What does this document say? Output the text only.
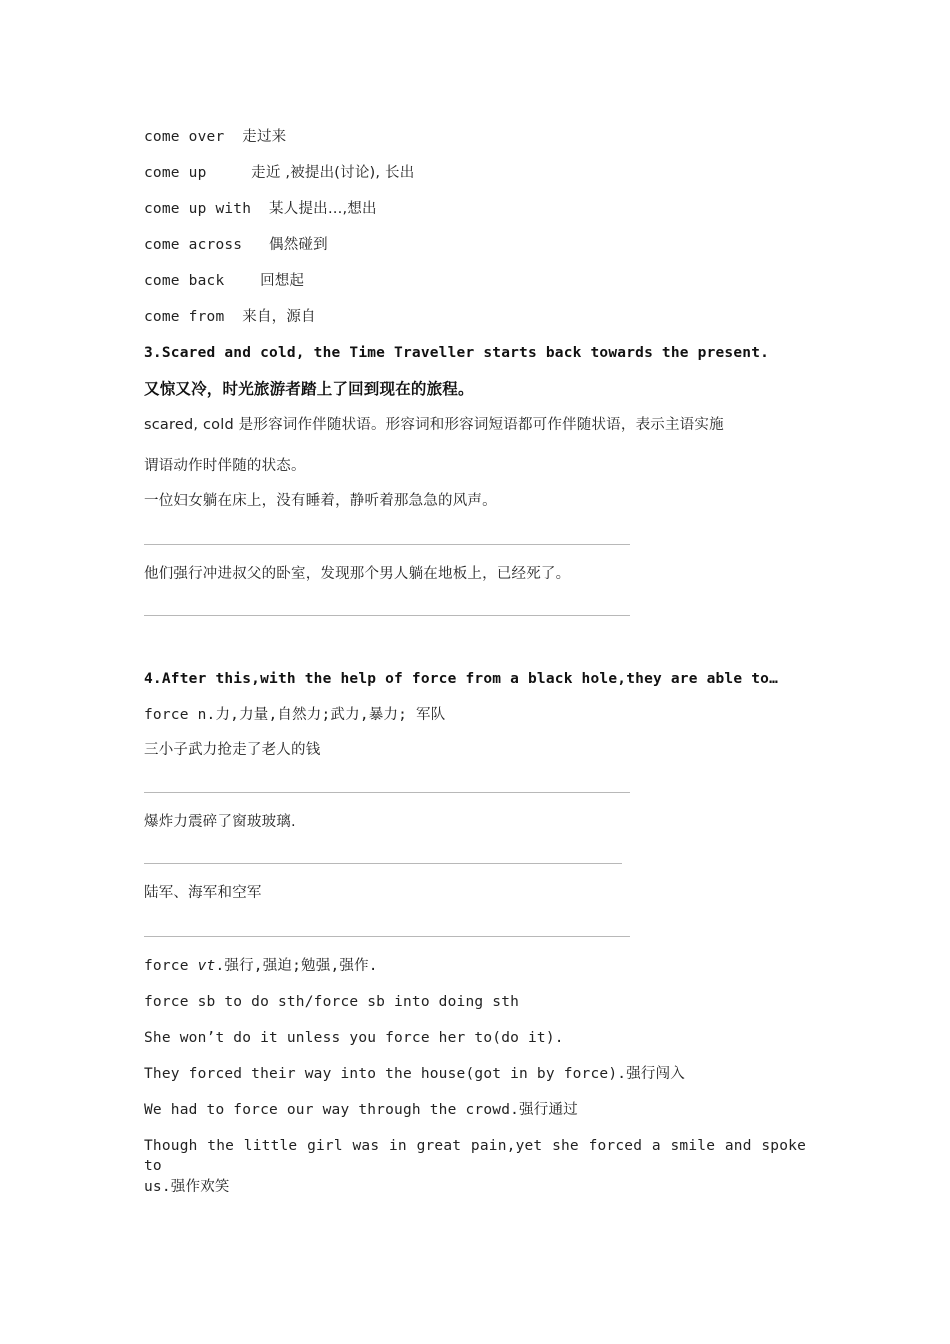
come over 走过来
come up	走近 ,被提出(讨论), 长出
come up with 某人提出…,想出
come across 偶然碰到
come back 回想起
come from 来自，源自
3.Scared and cold, the Time Traveller starts back towards the present.
又惊又冷，时光旅游者踏上了回到现在的旅程。
scared, cold 是形容词作伴随状语。形容词和形容词短语都可作伴随状语，表示主语实施
谓语动作时伴随的状态。
一位妇女躺在床上，没有睡着，静听着那急急的风声。
他们强行冲进叔父的卧室，发现那个男人躺在地板上，已经死了。
4.After this,with the help of force from a black hole,they are able to…
force n.力,力量,自然力;武力,暴力; 军队
三小子武力抢走了老人的钱
爆炸力震碎了窗玻玻璃.
陆军、海军和空军
force vt.强行,强迫;勉强,强作.
force sb to do sth/force sb into doing sth
She won’t do it unless you force her to(do it).
They forced their way into the house(got in by force).强行闯入
We had to force our way through the crowd.强行通过
Though the little girl was in great pain,yet she forced a smile and spoke to
us.强作欢笑
